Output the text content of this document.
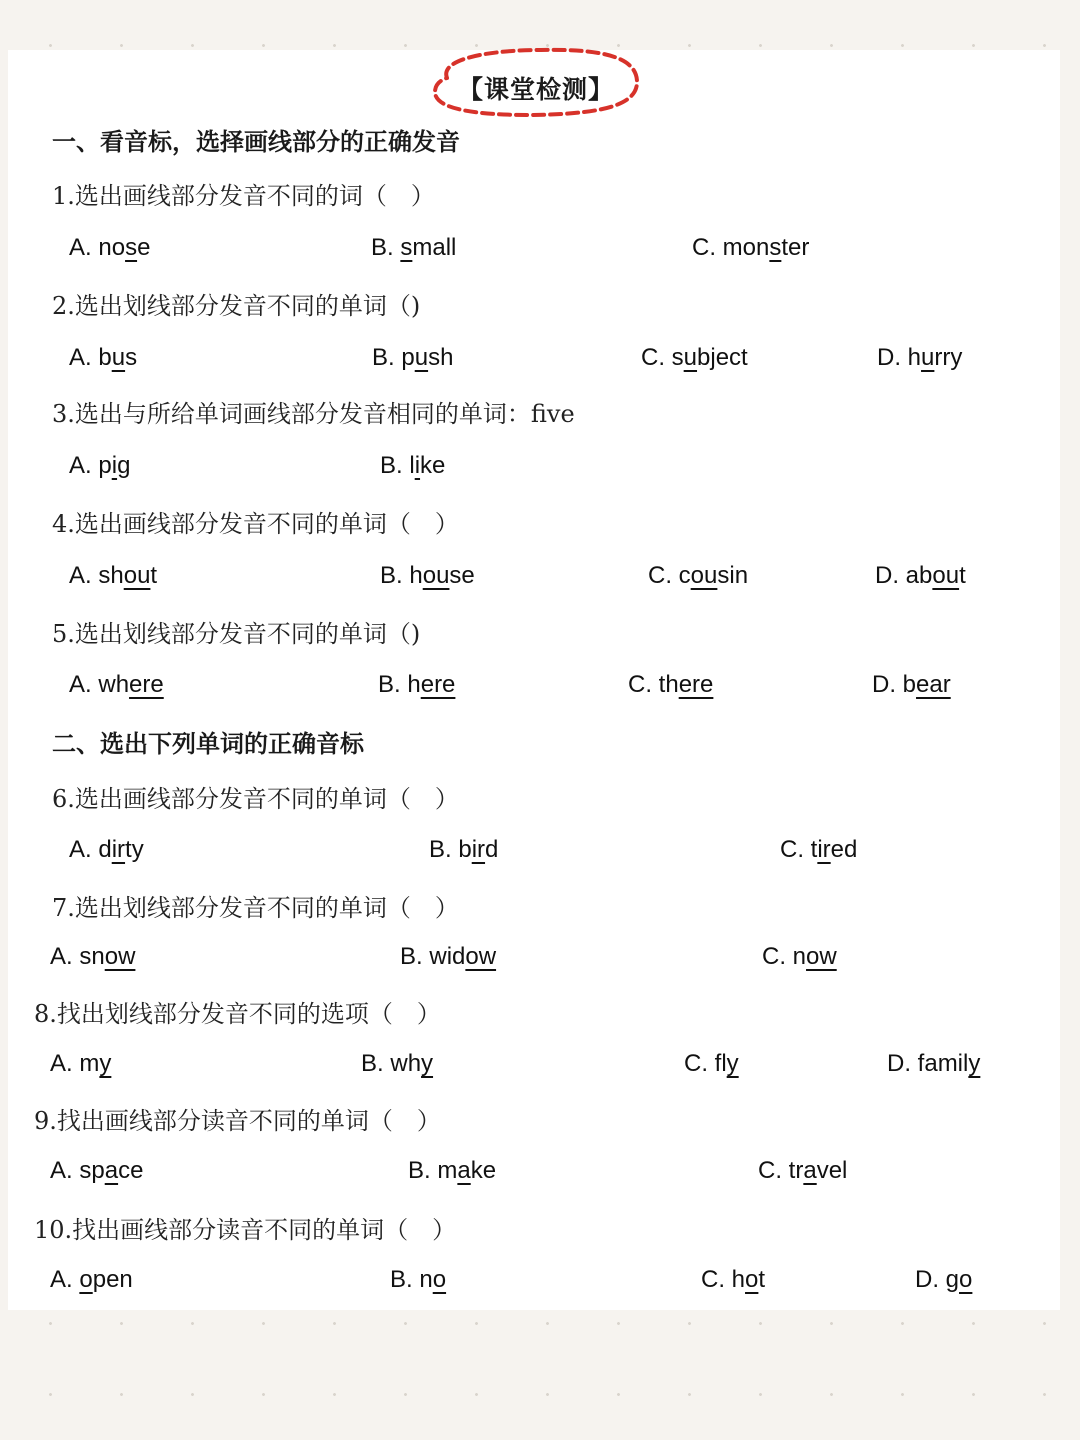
【课堂检测】
一、看音标，选择画线部分的正确发音
二、选出下列单词的正确音标
1.选出画线部分发音不同的词（　）
A. nose	B. small	C. monster
2.选出划线部分发音不同的单词（)
A. bus	B. push	C. subject	D. hurry
3.选出与所给单词画线部分发音相同的单词：five
A. pig	B. like
4.选出画线部分发音不同的单词（　）
A. shout	B. house	C. cousin	D. about
5.选出划线部分发音不同的单词（)
A. where	B. here	C. there	D. bear
6.选出画线部分发音不同的单词（　）
A. dirty	B. bird	C. tired
7.选出划线部分发音不同的单词（　）
A. snow	B. widow	C. now
8.找出划线部分发音不同的选项（　）
A. my	B. why	C. fly	D. family
9.找出画线部分读音不同的单词（　）
A. space	B. make	C. travel
10.找出画线部分读音不同的单词（　）
A. open	B. no	C. hot	D. go
